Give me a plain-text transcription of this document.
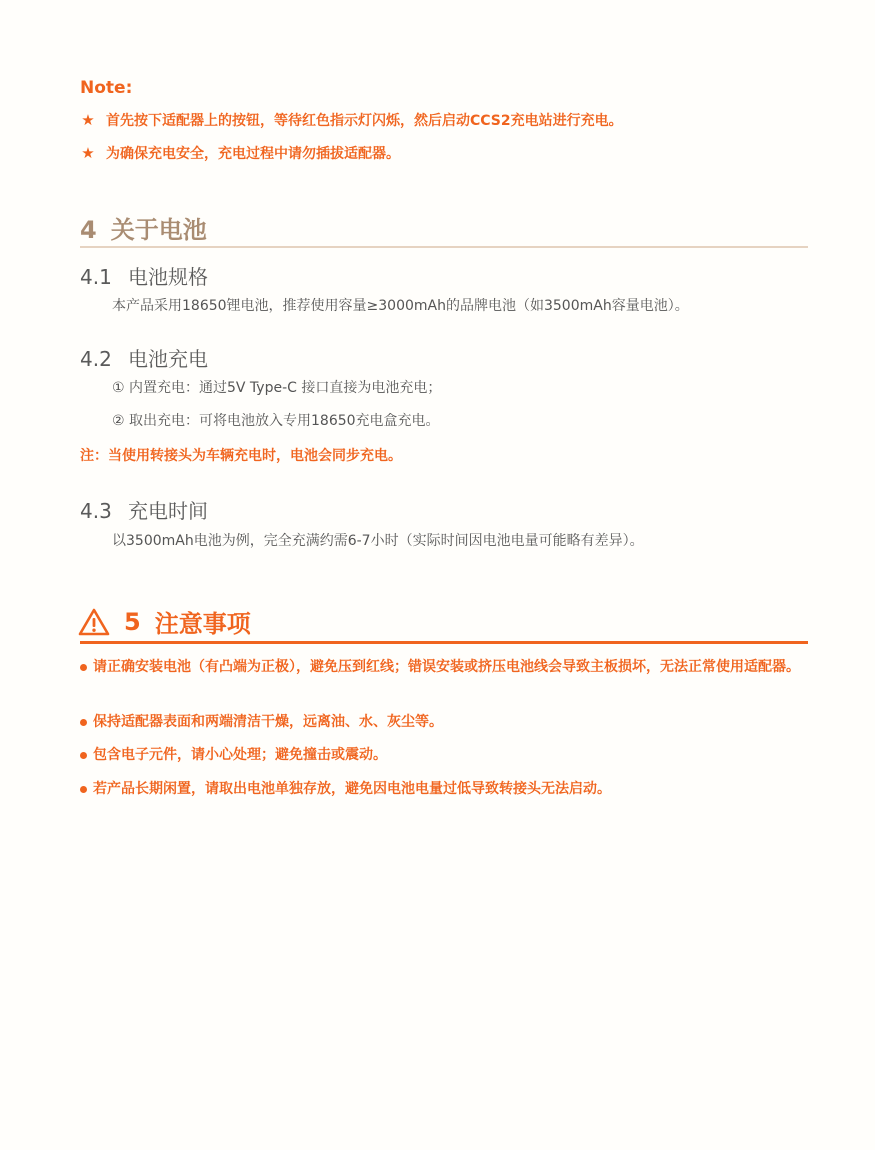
Note:
★ 首先按下适配器上的按钮，等待红色指示灯闪烁，然后启动CCS2充电站进行充电。
★ 为确保充电安全，充电过程中请勿插拔适配器。
4 关于电池
4.1 电池规格
本产品采用18650锂电池，推荐使用容量≥3000mAh的品牌电池（如3500mAh容量电池）。
4.2 电池充电
① 内置充电：通过5V Type-C 接口直接为电池充电；
② 取出充电：可将电池放入专用18650充电盒充电。
注：当使用转接头为车辆充电时，电池会同步充电。
4.3 充电时间
以3500mAh电池为例，完全充满约需6-7小时（实际时间因电池电量可能略有差异）。
5 注意事项
请正确安装电池（有凸端为正极），避免压到红线；错误安装或挤压电池线会导致主板损坏，无法正常使用适配器。
保持适配器表面和两端清洁干燥，远离油、水、灰尘等。
包含电子元件，请小心处理；避免撞击或震动。
若产品长期闲置，请取出电池单独存放，避免因电池电量过低导致转接头无法启动。
